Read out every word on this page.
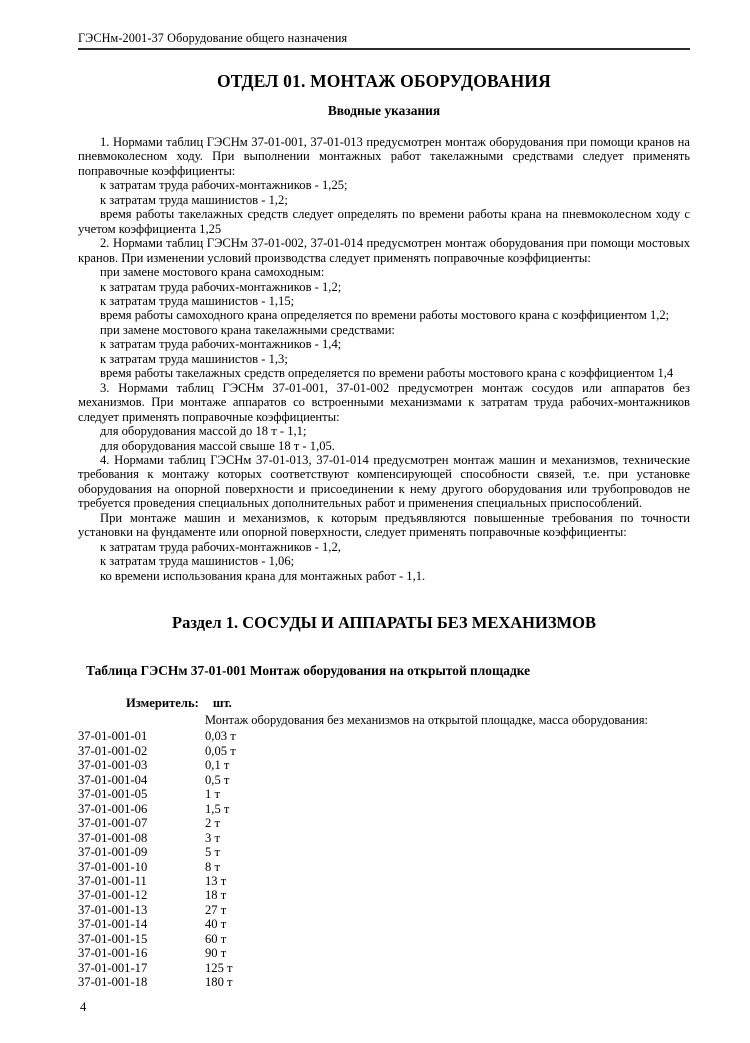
ГЭСНм-2001-37 Оборудование общего назначения
ОТДЕЛ 01. МОНТАЖ ОБОРУДОВАНИЯ
Вводные указания

1. Нормами таблиц ГЭСНм 37-01-001, 37-01-013 предусмотрен монтаж оборудования при помощи кранов на пневмоколесном ходу. При выполнении монтажных работ такелажными средствами следует применять поправочные коэффициенты:

к затратам труда рабочих-монтажников - 1,25;

к затратам труда машинистов - 1,2;

время работы такелажных средств следует определять по времени работы крана на пневмоколесном ходу с учетом коэффициента 1,25

2. Нормами таблиц ГЭСНм 37-01-002, 37-01-014 предусмотрен монтаж оборудования при помощи мостовых кранов. При изменении условий производства следует применять поправочные коэффициенты:

при замене мостового крана самоходным:

к затратам труда рабочих-монтажников - 1,2;

к затратам труда машинистов - 1,15;

время работы самоходного крана определяется по времени работы мостового крана с коэффициентом 1,2;

при замене мостового крана такелажными средствами:

к затратам труда рабочих-монтажников - 1,4;

к затратам труда машинистов - 1,3;

время работы такелажных средств определяется по времени работы мостового крана с коэффициентом 1,4

3. Нормами таблиц ГЭСНм 37-01-001, 37-01-002 предусмотрен монтаж сосудов или аппаратов без механизмов. При монтаже аппаратов со встроенными механизмами к затратам труда рабочих-монтажников следует применять поправочные коэффициенты:

для оборудования массой до 18 т - 1,1;

для оборудования массой свыше 18 т - 1,05.

4. Нормами таблиц ГЭСНм 37-01-013, 37-01-014 предусмотрен монтаж машин и механизмов, технические требования к монтажу которых соответствуют компенсирующей способности связей, т.е. при установке оборудования на опорной поверхности и присоединении к нему другого оборудования или трубопроводов не требуется проведения специальных дополнительных работ и применения специальных приспособлений.

При монтаже машин и механизмов, к которым предъявляются повышенные требования по точности установки на фундаменте или опорной поверхности, следует применять поправочные коэффициенты:

к затратам труда рабочих-монтажников - 1,2,

к затратам труда машинистов - 1,06;

ко времени использования крана для монтажных работ - 1,1.

Раздел 1. СОСУДЫ И АППАРАТЫ БЕЗ МЕХАНИЗМОВ
Таблица ГЭСНм 37-01-001 Монтаж оборудования на открытой площадке
Измеритель: шт.
Монтаж оборудования без механизмов на открытой площадке, масса оборудования:
37-01-001-01	0,03 т
37-01-001-02	0,05 т
37-01-001-03	0,1 т
37-01-001-04	0,5 т
37-01-001-05	1 т
37-01-001-06	1,5 т
37-01-001-07	2 т
37-01-001-08	3 т
37-01-001-09	5 т
37-01-001-10	8 т
37-01-001-11	13 т
37-01-001-12	18 т
37-01-001-13	27 т
37-01-001-14	40 т
37-01-001-15	60 т
37-01-001-16	90 т
37-01-001-17	125 т
37-01-001-18	180 т
4
